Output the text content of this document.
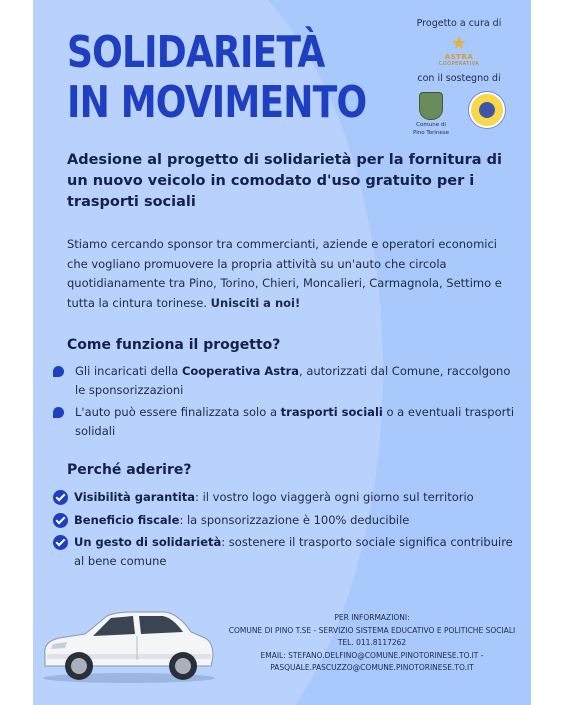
SOLIDARIETÀ
IN MOVIMENTO
Progetto a cura di
★
ASTRA
COOPERATIVA
con il sostegno di
Comune di
Pino Torinese
Adesione al progetto di solidarietà per la fornitura di un nuovo veicolo in comodato d'uso gratuito per i trasporti sociali
Stiamo cercando sponsor tra commercianti, aziende e operatori economici che vogliano promuovere la propria attività su un'auto che circola quotidianamente tra Pino, Torino, Chieri, Moncalieri, Carmagnola, Settimo e tutta la cintura torinese. Unisciti a noi!
Come funziona il progetto?
Gli incaricati della Cooperativa Astra, autorizzati dal Comune, raccolgono le sponsorizzazioni
L'auto può essere finalizzata solo a trasporti sociali o a eventuali trasporti solidali
Perché aderire?
Visibilità garantita: il vostro logo viaggerà ogni giorno sul territorio
Beneficio fiscale: la sponsorizzazione è 100% deducibile
Un gesto di solidarietà: sostenere il trasporto sociale significa contribuire al bene comune
PER INFORMAZIONI:
COMUNE DI PINO T.SE - SERVIZIO SISTEMA EDUCATIVO E POLITICHE SOCIALI
TEL. 011.8117262
EMAIL: STEFANO.DELFINO@COMUNE.PINOTORINESE.TO.IT -
PASQUALE.PASCUZZO@COMUNE.PINOTORINESE.TO.IT
